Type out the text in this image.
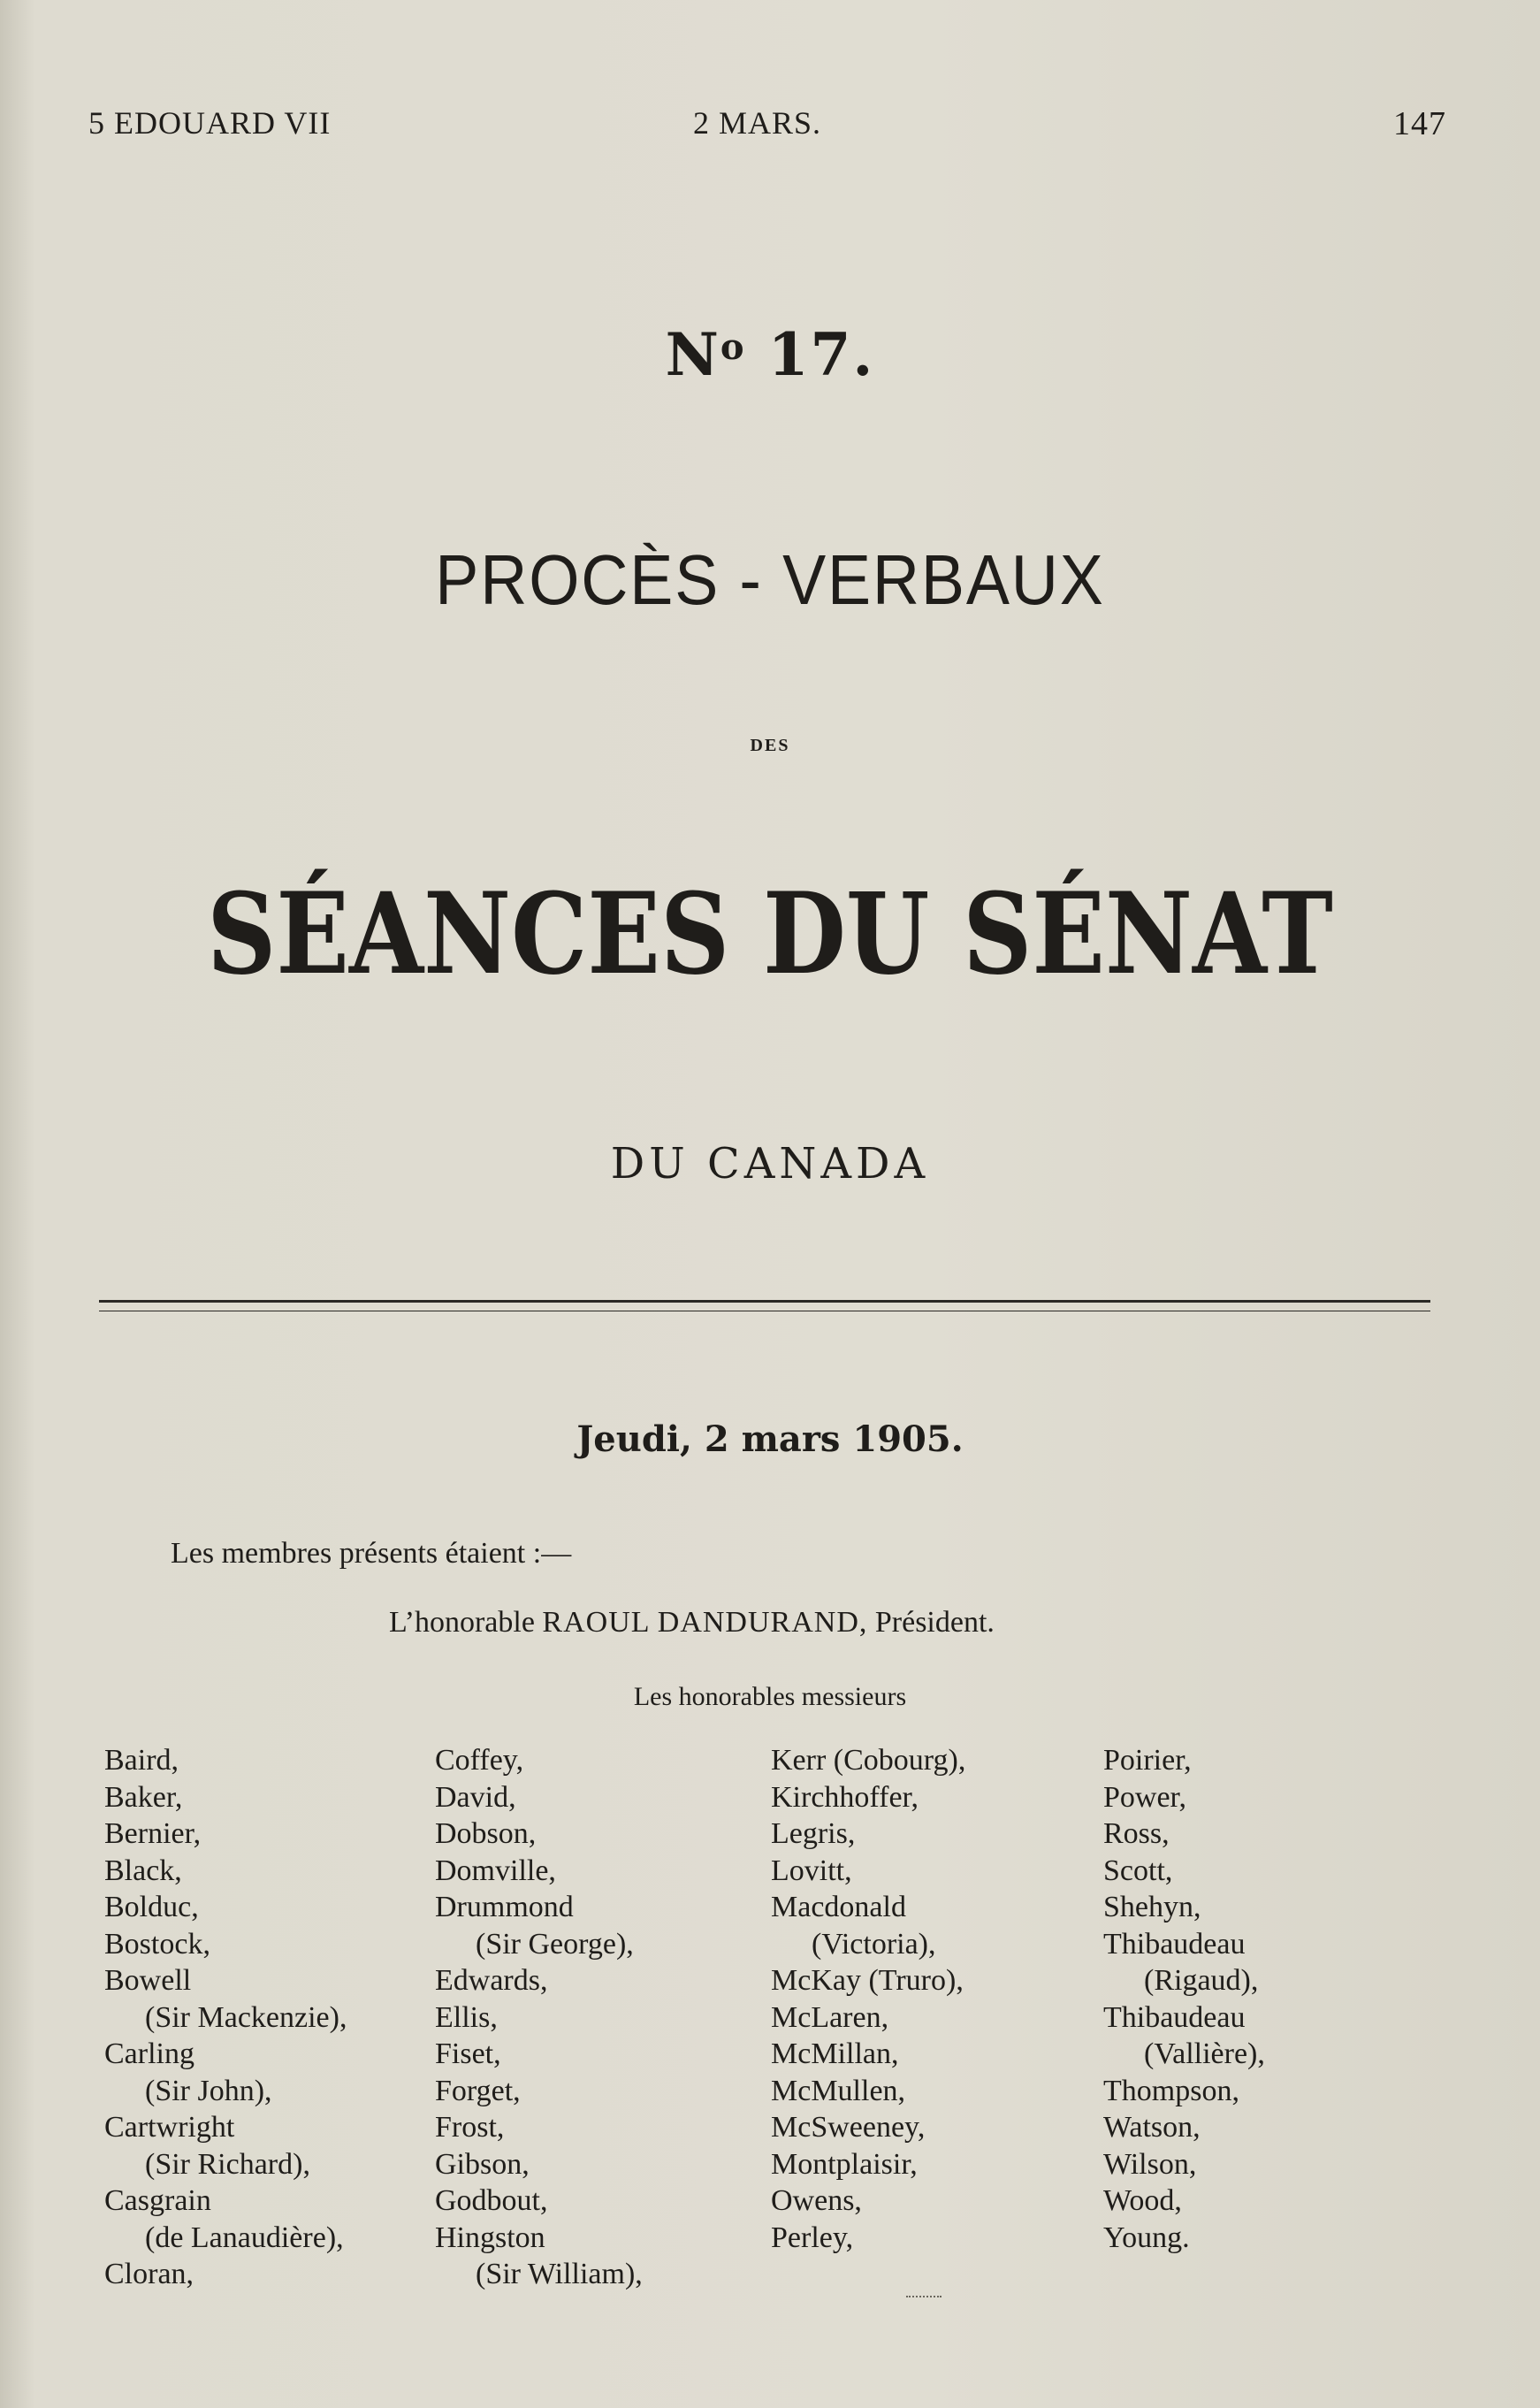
5 EDOUARD VII	2 MARS.	147
$N^o$ 17.
PROCÈS - VERBAUX
DES
SÉANCES DU SÉNAT
DU CANADA
Jeudi, 2 mars 1905.
Les membres présents étaient :—
L’honorable RAOUL DANDURAND, Président.
Les honorables messieurs
Baird,
Baker,
Bernier,
Black,
Bolduc,
Bostock,
Bowell
(Sir Mackenzie),
Carling
(Sir John),
Cartwright
(Sir Richard),
Casgrain
(de Lanaudière),
Cloran,
Coffey,
David,
Dobson,
Domville,
Drummond
(Sir George),
Edwards,
Ellis,
Fiset,
Forget,
Frost,
Gibson,
Godbout,
Hingston
(Sir William),
Kerr (Cobourg),
Kirchhoffer,
Legris,
Lovitt,
Macdonald
(Victoria),
McKay (Truro),
McLaren,
McMillan,
McMullen,
McSweeney,
Montplaisir,
Owens,
Perley,
Poirier,
Power,
Ross,
Scott,
Shehyn,
Thibaudeau
(Rigaud),
Thibaudeau
(Vallière),
Thompson,
Watson,
Wilson,
Wood,
Young.
